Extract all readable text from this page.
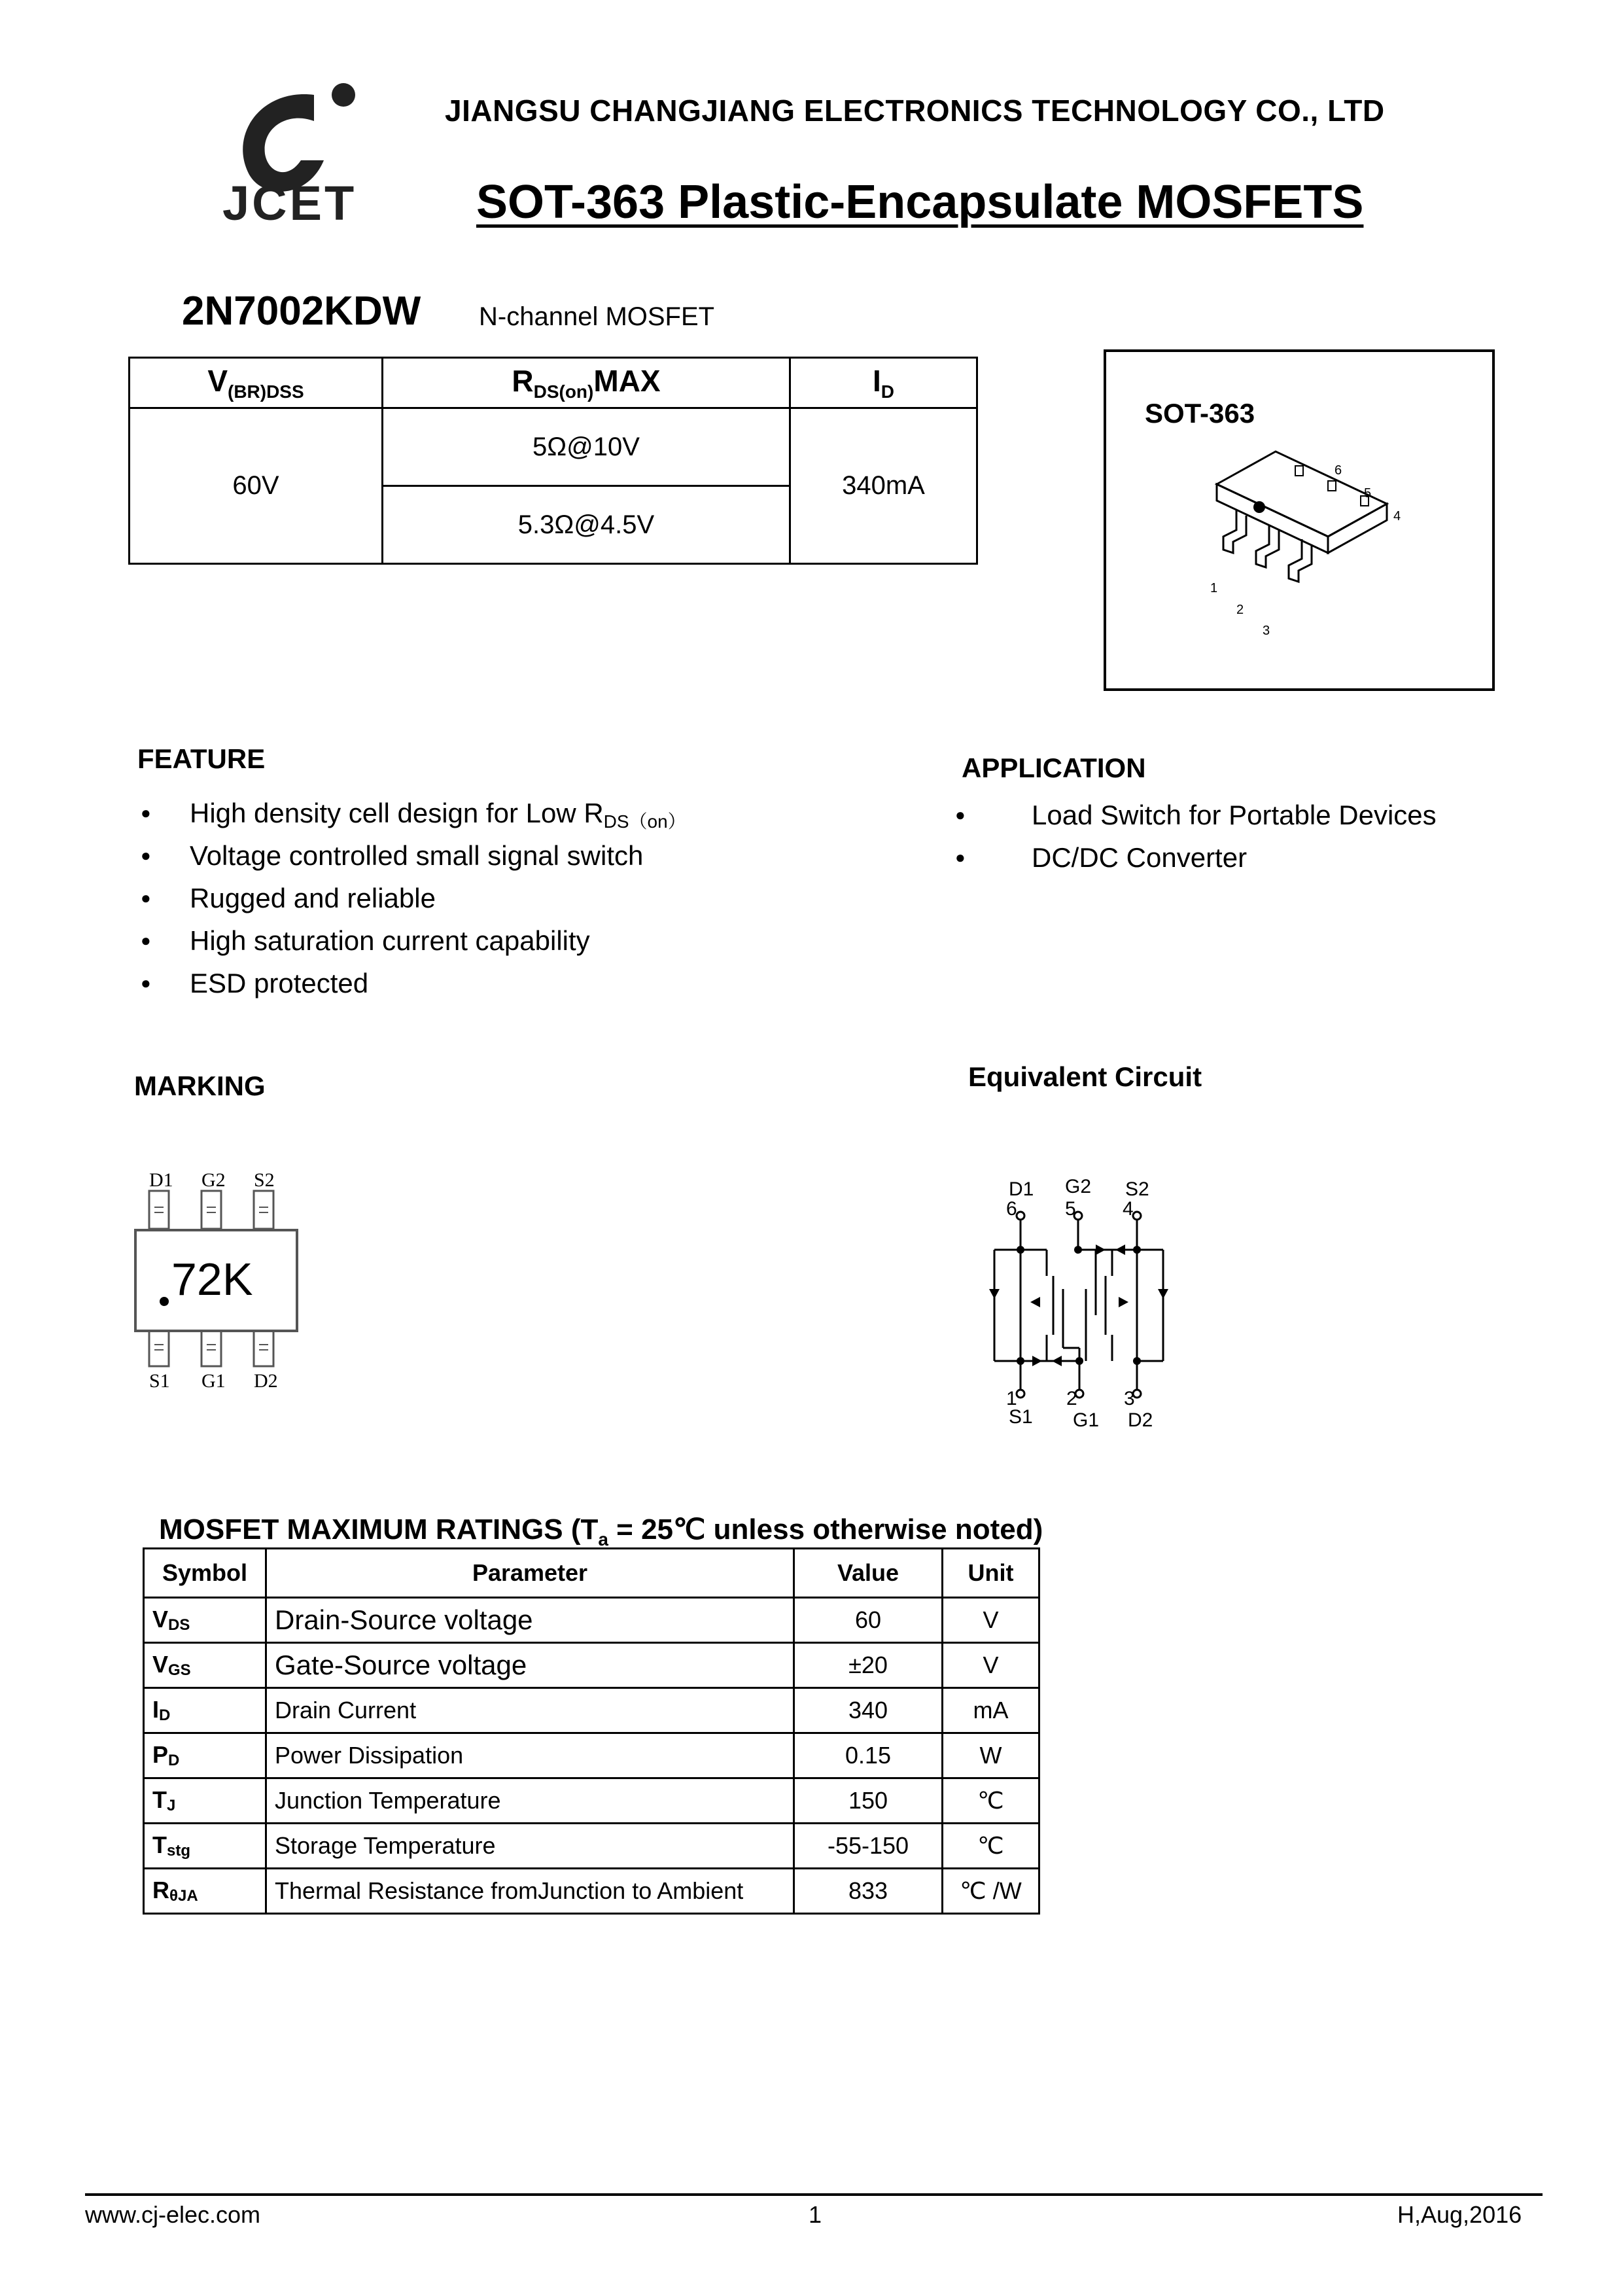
JCET
JIANGSU CHANGJIANG ELECTRONICS TECHNOLOGY CO., LTD
SOT-363 Plastic-Encapsulate MOSFETS
2N7002KDW N-channel MOSFET
$V_{(BR)DSS}$	$R_{DS(on)}MAX$	$I_D$
60V	5Ω@10V	340mA
	5.3Ω@4.5V	
SOT-363
1
2
3
4
5
6
FEATURE
● High density cell design for Low $R_{DS(on)}$
● Voltage controlled small signal switch
● Rugged and reliable
● High saturation current capability
● ESD protected
APPLICATION
● Load Switch for Portable Devices
● DC/DC Converter
MARKING
D1 G2 S2
S1 G1 D2
72K
Equivalent Circuit
D1 G2 S2
6 5 4
1	2 3
S1 G1 D2
MOSFET MAXIMUM RATINGS ($T_a$ = 25℃ unless otherwise noted)
Symbol	Parameter	Value	Unit
$V_{DS}$	Drain-Source voltage	60	V
$V_{GS}$	Gate-Source voltage	±20	V
$I_D$	Drain Current	340	mA
$P_D$	Power Dissipation	0.15	W
$T_J$	Junction Temperature	150	℃
$T_{stg}$	Storage Temperature	-55-150	℃
$R_{\theta JA}$	Thermal Resistance fromJunction to Ambient	833	℃ /W
www.cj-elec.com	1	H,Aug,2016
